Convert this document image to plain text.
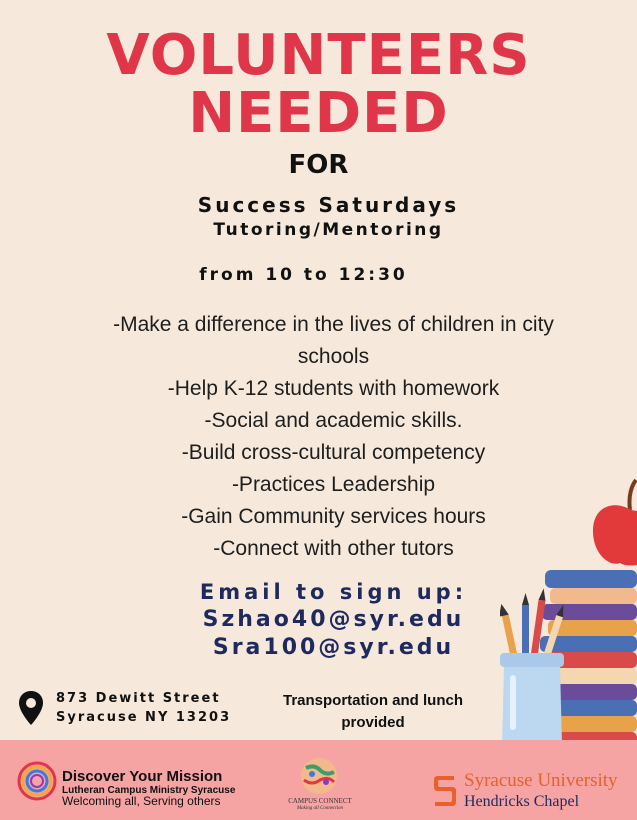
VOLUNTEERS
NEEDED
FOR
Success Saturdays
Tutoring/Mentoring
from 10 to 12:30
-Make a difference in the lives of children in city
schools
-Help K-12 students with homework
-Social and academic skills.
-Build cross-cultural competency
-Practices Leadership
-Gain Community services hours
-Connect with other tutors
Email to sign up:
Szhao40@syr.edu
Sra100@syr.edu
873 Dewitt Street
Syracuse NY 13203
Transportation and lunch
provided
Discover Your Mission
Lutheran Campus Ministry Syracuse
Welcoming all, Serving others	CAMPUS CONNECT
Making all Connection
Syracuse University
Hendricks Chapel
